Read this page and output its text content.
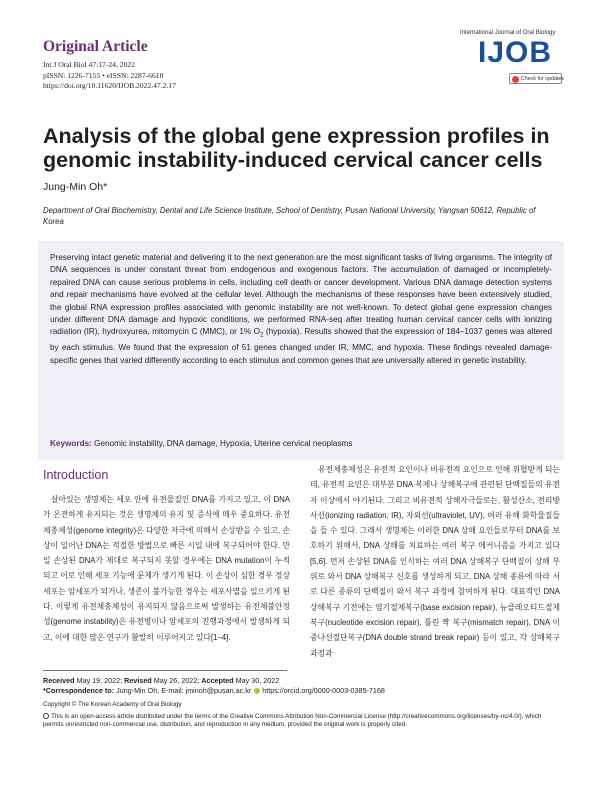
Original Article
Int J Oral Biol 47:17-24, 2022
pISSN: 1226-7155 • eISSN: 2287-6618
https://doi.org/10.11620/IJOB.2022.47.2.17
International Journal of Oral Biology
IJOB
Check for updates
Analysis of the global gene expression profiles in genomic instability-induced cervical cancer cells
Jung-Min Oh*
Department of Oral Biochemistry, Dental and Life Science Institute, School of Dentistry, Pusan National University, Yangsan 50612, Republic of Korea
Preserving intact genetic material and delivering it to the next generation are the most significant tasks of living organisms. The integrity of DNA sequences is under constant threat from endogenous and exogenous factors. The accumulation of damaged or incompletely-repaired DNA can cause serious problems in cells, including cell death or cancer development. Various DNA damage detection systems and repair mechanisms have evolved at the cellular level. Although the mechanisms of these responses have been extensively studied, the global RNA expression profiles associated with genomic instability are not well-known. To detect global gene expression changes under different DNA damage and hypoxic conditions, we performed RNA-seq after treating human cervical cancer cells with ionizing radiation (IR), hydroxyurea, mitomycin C (MMC), or 1% $O_2$ (hypoxia). Results showed that the expression of 184–1037 genes was altered by each stimulus. We found that the expression of 51 genes changed under IR, MMC, and hypoxia. These findings revealed damage-specific genes that varied differently according to each stimulus and common genes that are universally altered in genetic instability.
Keywords: Genomic instability, DNA damage, Hypoxia, Uterine cervical neoplasms
Introduction
살아있는 생명체는 세포 안에 유전물질인 DNA를 가지고 있고, 이 DNA가 온전하게 유지되는 것은 생명체의 유지 및 증식에 매우 중요하다. 유전체충체성(genome integrity)은 다양한 자극에 의해서 손상받을 수 있고, 손상이 일어난 DNA는 적절한 방법으로 빠른 시일 내에 복구되어야 한다. 만일 손상된 DNA가 제대로 복구되지 못할 경우에는 DNA mutation이 누적되고 이로 인해 세포 기능에 문제가 생기게 된다. 이 손상이 심한 경우 정상 세포는 암세포가 되거나, 생존이 불가능한 경우는 세포사멸을 일으키게 된다. 이렇게 유전체충체성이 유지되지 않음으로써 발생하는 유전체불안정성(genome instability)은 유전병이나 암세포의 진행과정에서 발생하게 되고, 이에 대한 많은 연구가 활발히 이루어지고 있다[1–4].
유전체충체성은 유전적 요인이나 비유전적 요인으로 인해 위협받게 되는데, 유전적 요인은 대부분 DNA 복제나 상해복구에 관련된 단백질들의 유전자 이상에서 야기된다. 그리고 비유전적 상해자극들로는, 활성산소, 전리방사선(ionizing radiation, IR), 자외선(ultraviolet, UV), 여러 유해 화학물질들을 들 수 있다. 그래서 생명체는 이러한 DNA 상해 요인들로부터 DNA를 보호하기 위해서, DNA 상해를 치료하는 여러 복구 메커니즘을 가지고 있다[5,6]. 먼저 손상된 DNA를 인식하는 여러 DNA 상해복구 단백질이 상해 부위로 와서 DNA 상해복구 신호를 생성하게 되고, DNA 상해 종류에 따라 서로 다른 종류의 단백질이 와서 복구 과정에 참여하게 된다. 대표적인 DNA 상해복구 기전에는 염기절제복구(base excision repair), 뉴클레오티드절제복구(nucleotide excision repair), 틀린 짝 복구(mismatch repair), DNA 이중나선절단복구(DNA double strand break repair) 등이 있고, 각 상해복구 과정과
Received May 19, 2022; Revised May 26, 2022; Accepted May 30, 2022
*Correspondence to: Jung-Min Oh, E-mail: jminoh@pusan.ac.kr https://orcid.org/0000-0003-0385-7168
Copyright © The Korean Academy of Oral Biology
This is an open-access article distributed under the terms of the Creative Commons Attribution Non-Commercial License (http://creativecommons.org/licenses/by-nc/4.0/), which permits unrestricted non-commercial use, distribution, and reproduction in any medium, provided the original work is properly cited.
